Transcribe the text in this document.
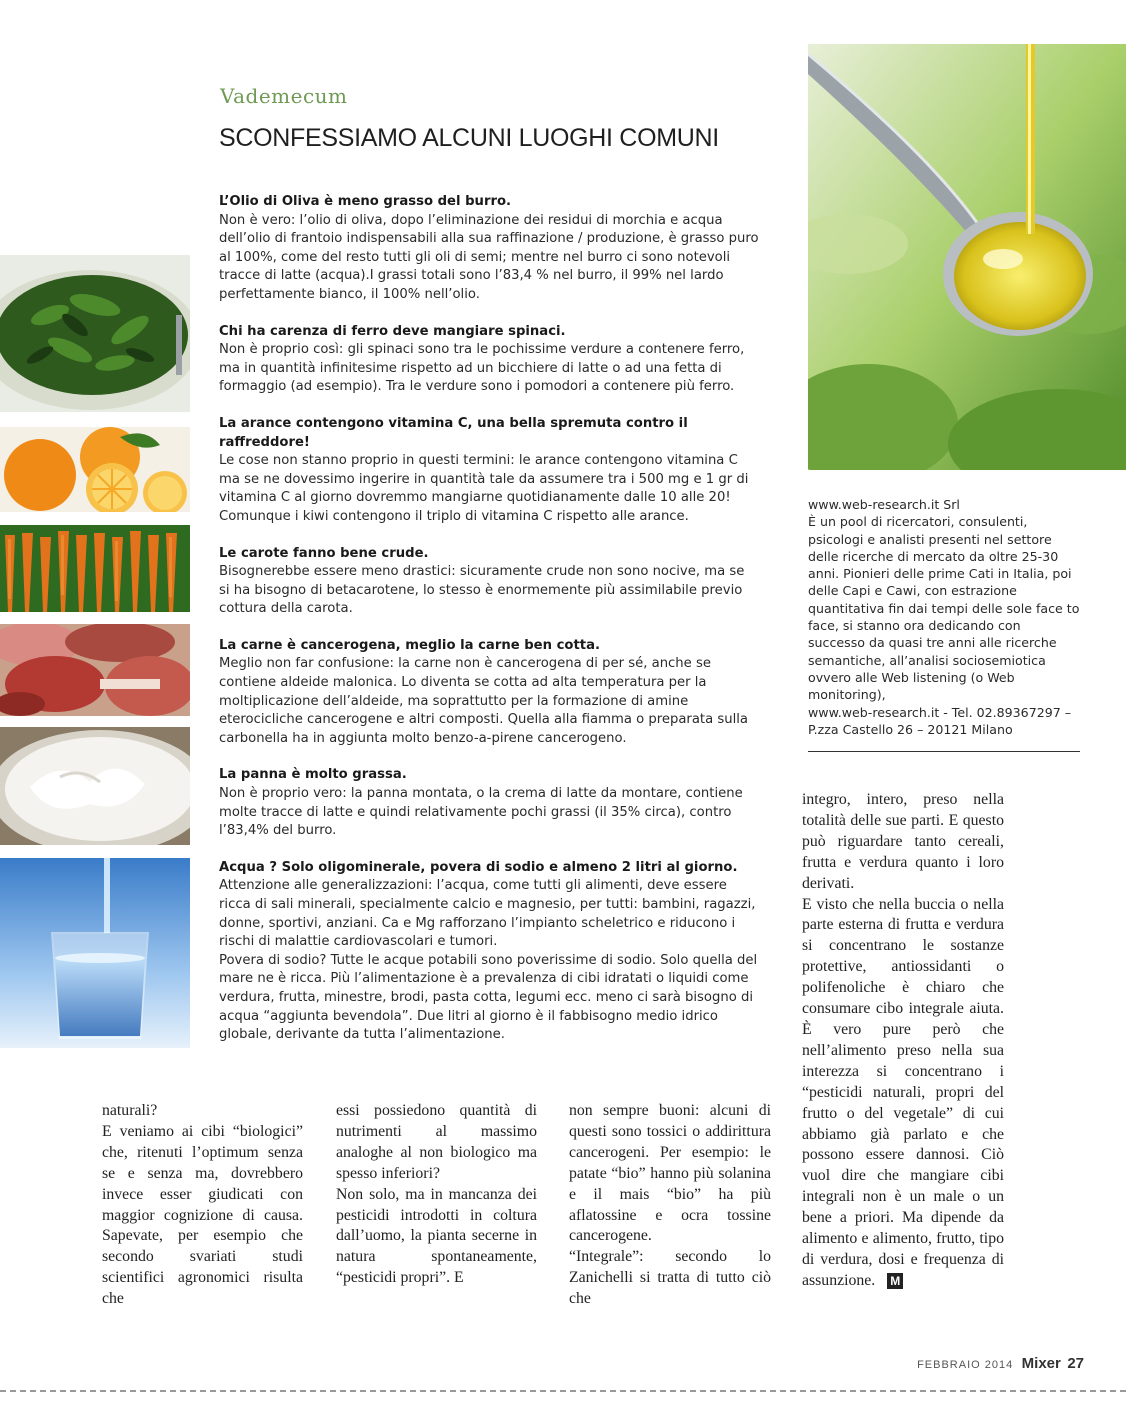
Vademecum
SCONFESSIAMO ALCUNI LUOGHI COMUNI
L’Olio di Oliva è meno grasso del burro.

Non è vero: l’olio di oliva, dopo l’eliminazione dei residui di morchia e acqua dell’olio di frantoio indispensabili alla sua raffinazione / produzione, è grasso puro al 100%, come del resto tutti gli oli di semi; mentre nel burro ci sono notevoli tracce di latte (acqua).I grassi totali sono l’83,4 % nel burro, il 99% nel lardo perfettamente bianco, il 100% nell’olio.

Chi ha carenza di ferro deve mangiare spinaci.

Non è proprio così: gli spinaci sono tra le pochissime verdure a contenere ferro, ma in quantità infinitesime rispetto ad un bicchiere di latte o ad una fetta di formaggio (ad esempio). Tra le verdure sono i pomodori a contenere più ferro.

La arance contengono vitamina C, una bella spremuta contro il raffreddore!

Le cose non stanno proprio in questi termini: le arance contengono vitamina C ma se ne dovessimo ingerire in quantità tale da assumere tra i 500 mg e 1 gr di vitamina C al giorno dovremmo mangiarne quotidianamente dalle 10 alle 20! Comunque i kiwi contengono il triplo di vitamina C rispetto alle arance.

Le carote fanno bene crude.

Bisognerebbe essere meno drastici: sicuramente crude non sono nocive, ma se si ha bisogno di betacarotene, lo stesso è enormemente più assimilabile previo cottura della carota.

La carne è cancerogena, meglio la carne ben cotta.

Meglio non far confusione: la carne non è cancerogena di per sé, anche se contiene aldeide malonica. Lo diventa se cotta ad alta temperatura per la moltiplicazione dell’aldeide, ma soprattutto per la formazione di amine eterocicliche cancerogene e altri composti. Quella alla fiamma o preparata sulla carbonella ha in aggiunta molto benzo-a-pirene cancerogeno.

La panna è molto grassa.

Non è proprio vero: la panna montata, o la crema di latte da montare, contiene molte tracce di latte e quindi relativamente pochi grassi (il 35% circa), contro l’83,4% del burro.

Acqua ? Solo oligominerale, povera di sodio e almeno 2 litri al giorno.

Attenzione alle generalizzazioni: l’acqua, come tutti gli alimenti, deve essere ricca di sali minerali, specialmente calcio e magnesio, per tutti: bambini, ragazzi, donne, sportivi, anziani. Ca e Mg rafforzano l’impianto scheletrico e riducono i rischi di malattie cardiovascolari e tumori.

Povera di sodio? Tutte le acque potabili sono poverissime di sodio. Solo quella del mare ne è ricca. Più l’alimentazione è a prevalenza di cibi idratati o liquidi come verdura, frutta, minestre, brodi, pasta cotta, legumi ecc. meno ci sarà bisogno di acqua “aggiunta bevendola”. Due litri al giorno è il fabbisogno medio idrico globale, derivante da tutta l’alimentazione.

www.web-research.it Srl

È un pool di ricercatori, consulenti, psicologi e analisti presenti nel settore delle ricerche di mercato da oltre 25-30 anni. Pionieri delle prime Cati in Italia, poi delle Capi e Cawi, con estrazione quantitativa fin dai tempi delle sole face to face, si stanno ora dedicando con successo da quasi tre anni alle ricerche semantiche, all’analisi sociosemiotica ovvero alle Web listening (o Web monitoring),

www.web-research.it - Tel. 02.89367297 – P.zza Castello 26 – 20121 Milano

naturali?

E veniamo ai cibi “biologici” che, ritenuti l’optimum senza se e senza ma, dovrebbero invece esser giudicati con maggior cognizione di causa. Sapevate, per esempio che secondo svariati studi scientifici agronomici risulta che

essi possiedono quantità di nutrimenti al massimo analoghe al non biologico ma spesso inferiori?

Non solo, ma in mancanza dei pesticidi introdotti in coltura dall’uomo, la pianta secerne in natura spontaneamente, “pesticidi propri”. E

non sempre buoni: alcuni di questi sono tossici o addirittura cancerogeni. Per esempio: le patate “bio” hanno più solanina e il mais “bio” ha più aflatossine e ocra tossine cancerogene.

“Integrale”: secondo lo Zanichelli si tratta di tutto ciò che

integro, intero, preso nella totalità delle sue parti. E questo può riguardare tanto cereali, frutta e verdura quanto i loro derivati.

E visto che nella buccia o nella parte esterna di frutta e verdura si concentrano le sostanze protettive, antiossidanti o polifenoliche è chiaro che consumare cibo integrale aiuta. È vero pure però che nell’alimento preso nella sua interezza si concentrano i “pesticidi naturali, propri del frutto o del vegetale” di cui abbiamo già parlato e che possono essere dannosi. Ciò vuol dire che mangiare cibi integrali non è un male o un bene a priori. Ma dipende da alimento e alimento, frutto, tipo di verdura, dosi e frequenza di assunzione. M

FEBBRAIO 2014 Mixer 27
